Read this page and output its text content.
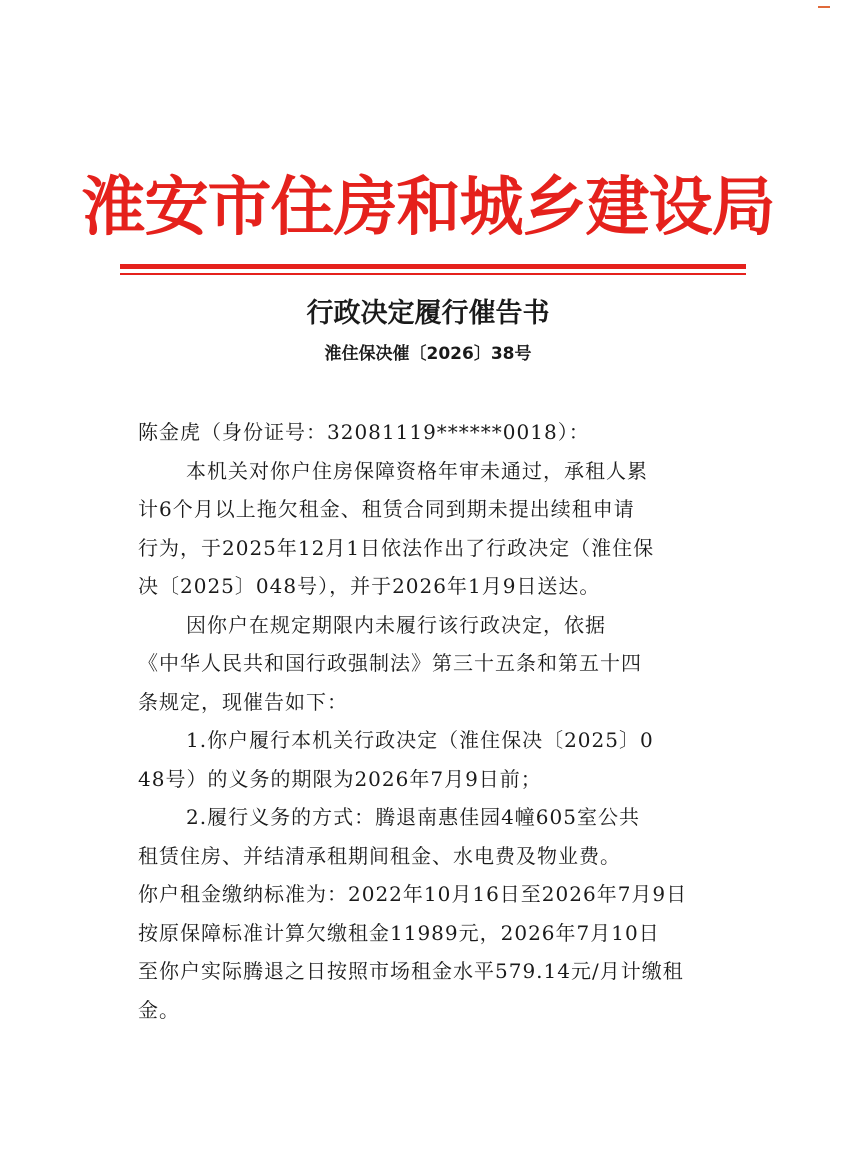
淮安市住房和城乡建设局
行政决定履行催告书
淮住保决催〔2026〕38号

陈金虎（身份证号：32081119******0018）：

本机关对你户住房保障资格年审未通过，承租人累

计6个月以上拖欠租金、租赁合同到期未提出续租申请

行为，于2025年12月1日依法作出了行政决定（淮住保

决〔2025〕048号），并于2026年1月9日送达。

因你户在规定期限内未履行该行政决定，依据

《中华人民共和国行政强制法》第三十五条和第五十四

条规定，现催告如下：

1.你户履行本机关行政决定（淮住保决〔2025〕0

48号）的义务的期限为2026年7月9日前；

2.履行义务的方式：腾退南惠佳园4幢605室公共

租赁住房、并结清承租期间租金、水电费及物业费。

你户租金缴纳标准为：2022年10月16日至2026年7月9日

按原保障标准计算欠缴租金11989元，2026年7月10日

至你户实际腾退之日按照市场租金水平579.14元/月计缴租

金。
